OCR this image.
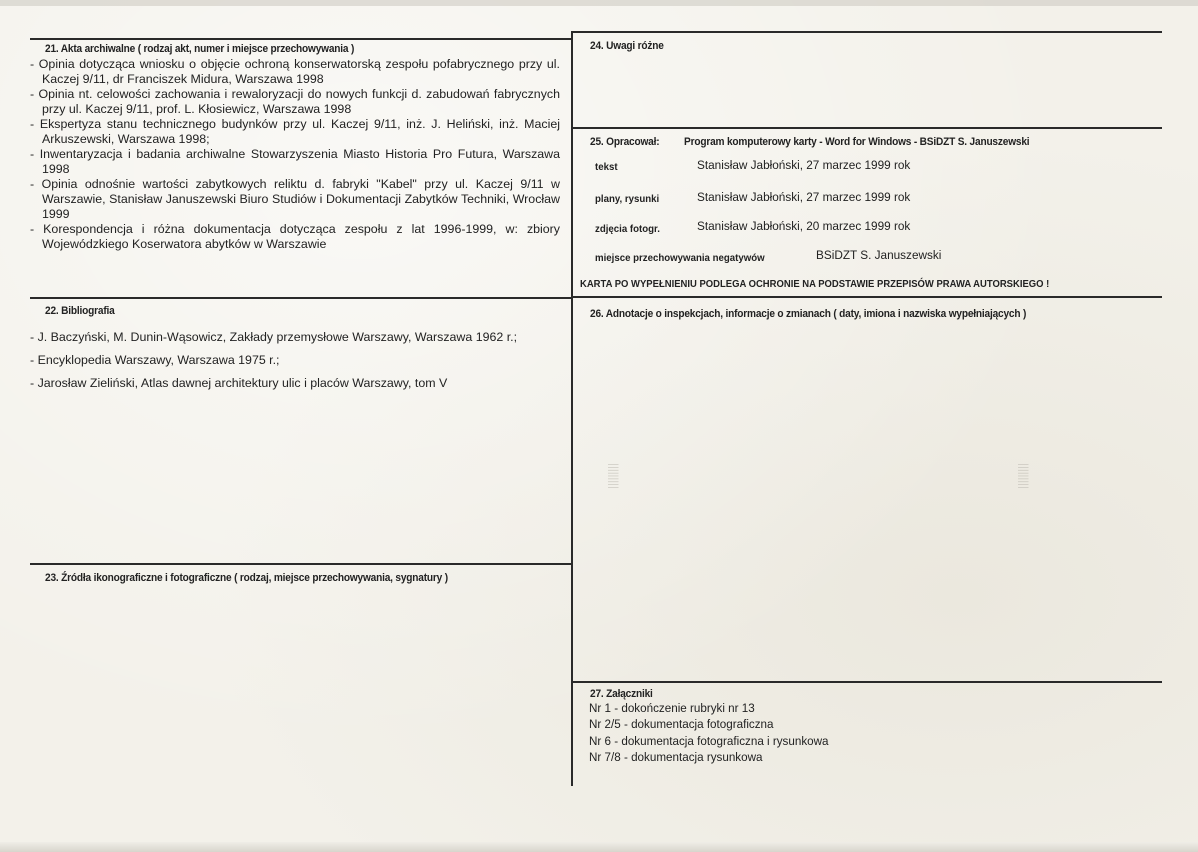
|||||||||	|||||||||
21. Akta archiwalne ( rodzaj akt, numer i miejsce przechowywania )
- Opinia dotycząca wniosku o objęcie ochroną konserwatorską zespołu pofabrycznego przy ul. Kaczej 9/11, dr Franciszek Midura, Warszawa 1998
- Opinia nt. celowości zachowania i rewaloryzacji do nowych funkcji d. zabudowań fabrycznych przy ul. Kaczej 9/11, prof. L. Kłosiewicz, Warszawa 1998
- Ekspertyza stanu technicznego budynków przy ul. Kaczej 9/11, inż. J. Heliński, inż. Maciej Arkuszewski, Warszawa 1998;
- Inwentaryzacja i badania archiwalne Stowarzyszenia Miasto Historia Pro Futura, Warszawa 1998
- Opinia odnośnie wartości zabytkowych reliktu d. fabryki "Kabel" przy ul. Kaczej 9/11 w Warszawie, Stanisław Januszewski Biuro Studiów i Dokumentacji Zabytków Techniki, Wrocław 1999
- Korespondencja i różna dokumentacja dotycząca zespołu z lat 1996-1999, w: zbiory Wojewódzkiego Koserwatora abytków w Warszawie
22. Bibliografia
- J. Baczyński, M. Dunin-Wąsowicz, Zakłady przemysłowe Warszawy, Warszawa 1962 r.;
- Encyklopedia Warszawy, Warszawa 1975 r.;
- Jarosław Zieliński, Atlas dawnej architektury ulic i placów Warszawy, tom V
23. Źródła ikonograficzne i fotograficzne ( rodzaj, miejsce przechowywania, sygnatury )
24. Uwagi różne
25. Opracował: Program komputerowy karty - Word for Windows - BSiDZT S. Januszewski
tekst	Stanisław Jabłoński, 27 marzec 1999 rok
plany, rysunki	Stanisław Jabłoński, 27 marzec 1999 rok
zdjęcia fotogr.	Stanisław Jabłoński, 20 marzec 1999 rok
miejsce przechowywania negatywów	BSiDZT S. Januszewski
KARTA PO WYPEŁNIENIU PODLEGA OCHRONIE NA PODSTAWIE PRZEPISÓW PRAWA AUTORSKIEGO !
26. Adnotacje o inspekcjach, informacje o zmianach ( daty, imiona i nazwiska wypełniających )
27. Załączniki
Nr 1 - dokończenie rubryki nr 13
Nr 2/5 - dokumentacja fotograficzna
Nr 6 - dokumentacja fotograficzna i rysunkowa
Nr 7/8 - dokumentacja rysunkowa
